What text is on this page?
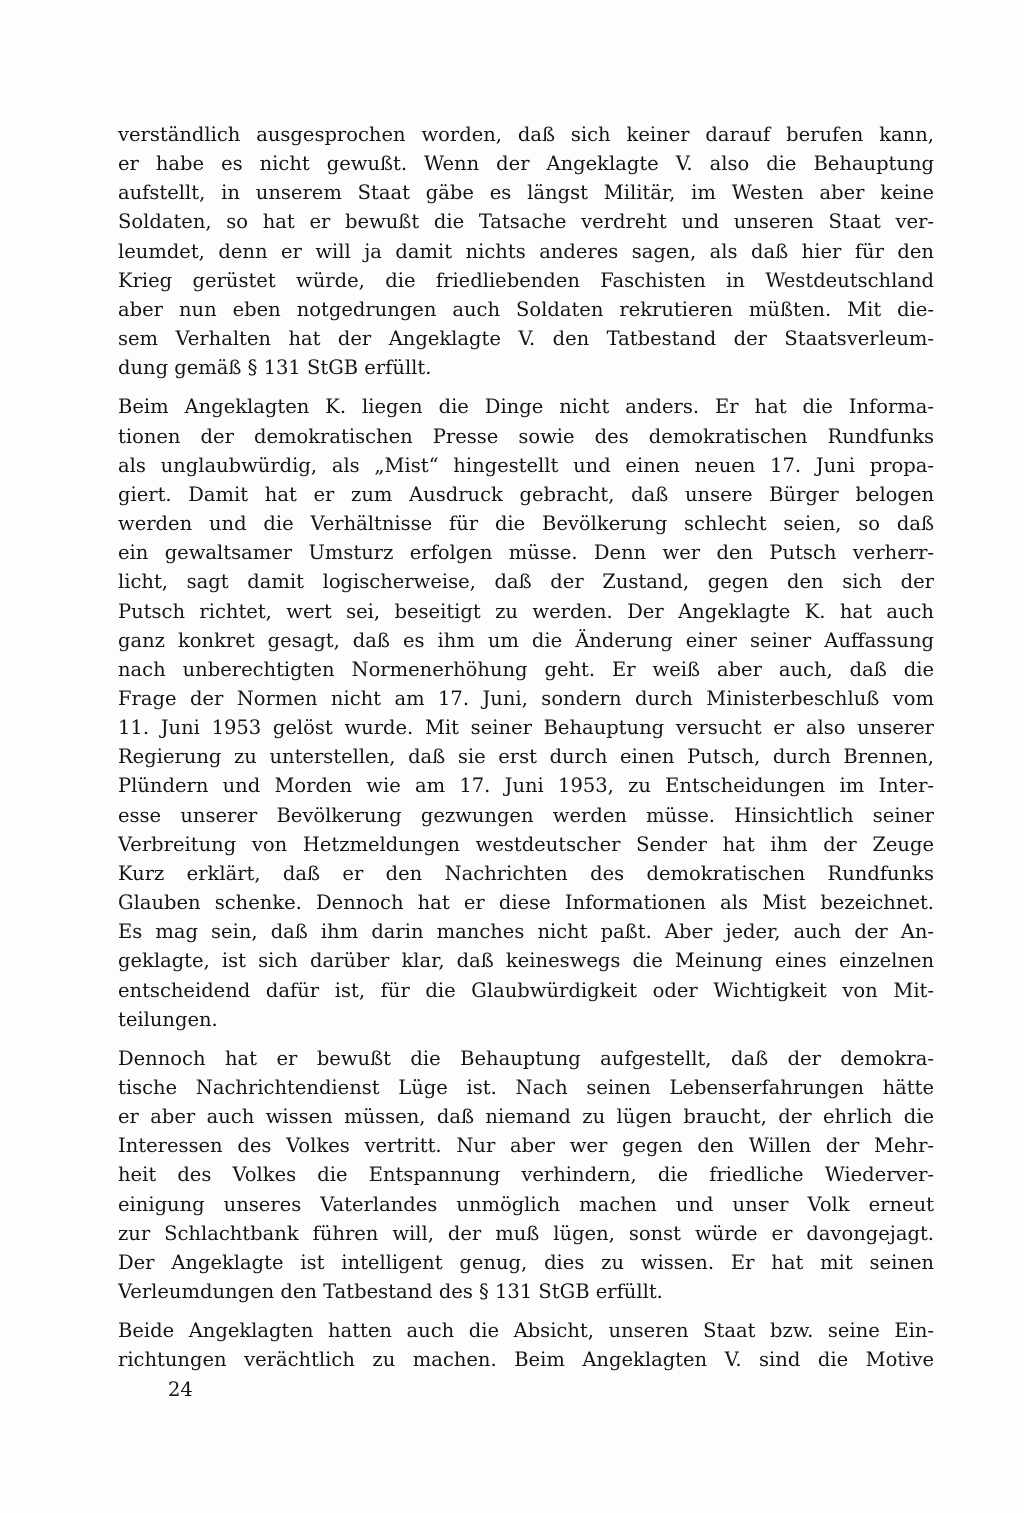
verständlich ausgesprochen worden, daß sich keiner darauf berufen kann,
er habe es nicht gewußt. Wenn der Angeklagte V. also die Behauptung
aufstellt, in unserem Staat gäbe es längst Militär, im Westen aber keine
Soldaten, so hat er bewußt die Tatsache verdreht und unseren Staat ver-
leumdet, denn er will ja damit nichts anderes sagen, als daß hier für den
Krieg gerüstet würde, die friedliebenden Faschisten in Westdeutschland
aber nun eben notgedrungen auch Soldaten rekrutieren müßten. Mit die-
sem Verhalten hat der Angeklagte V. den Tatbestand der Staatsverleum-
dung gemäß § 131 StGB erfüllt.

Beim Angeklagten K. liegen die Dinge nicht anders. Er hat die Informa-
tionen der demokratischen Presse sowie des demokratischen Rundfunks
als unglaubwürdig, als „Mist“ hingestellt und einen neuen 17. Juni propa-
giert. Damit hat er zum Ausdruck gebracht, daß unsere Bürger belogen
werden und die Verhältnisse für die Bevölkerung schlecht seien, so daß
ein gewaltsamer Umsturz erfolgen müsse. Denn wer den Putsch verherr-
licht, sagt damit logischerweise, daß der Zustand, gegen den sich der
Putsch richtet, wert sei, beseitigt zu werden. Der Angeklagte K. hat auch
ganz konkret gesagt, daß es ihm um die Änderung einer seiner Auffassung
nach unberechtigten Normenerhöhung geht. Er weiß aber auch, daß die
Frage der Normen nicht am 17. Juni, sondern durch Ministerbeschluß vom
11. Juni 1953 gelöst wurde. Mit seiner Behauptung versucht er also unserer
Regierung zu unterstellen, daß sie erst durch einen Putsch, durch Brennen,
Plündern und Morden wie am 17. Juni 1953, zu Entscheidungen im Inter-
esse unserer Bevölkerung gezwungen werden müsse. Hinsichtlich seiner
Verbreitung von Hetzmeldungen westdeutscher Sender hat ihm der Zeuge
Kurz erklärt, daß er den Nachrichten des demokratischen Rundfunks
Glauben schenke. Dennoch hat er diese Informationen als Mist bezeichnet.
Es mag sein, daß ihm darin manches nicht paßt. Aber jeder, auch der An-
geklagte, ist sich darüber klar, daß keineswegs die Meinung eines einzelnen
entscheidend dafür ist, für die Glaubwürdigkeit oder Wichtigkeit von Mit-
teilungen.

Dennoch hat er bewußt die Behauptung aufgestellt, daß der demokra-
tische Nachrichtendienst Lüge ist. Nach seinen Lebenserfahrungen hätte
er aber auch wissen müssen, daß niemand zu lügen braucht, der ehrlich die
Interessen des Volkes vertritt. Nur aber wer gegen den Willen der Mehr-
heit des Volkes die Entspannung verhindern, die friedliche Wiederver-
einigung unseres Vaterlandes unmöglich machen und unser Volk erneut
zur Schlachtbank führen will, der muß lügen, sonst würde er davongejagt.
Der Angeklagte ist intelligent genug, dies zu wissen. Er hat mit seinen
Verleumdungen den Tatbestand des § 131 StGB erfüllt.

Beide Angeklagten hatten auch die Absicht, unseren Staat bzw. seine Ein-
richtungen verächtlich zu machen. Beim Angeklagten V. sind die Motive

24
